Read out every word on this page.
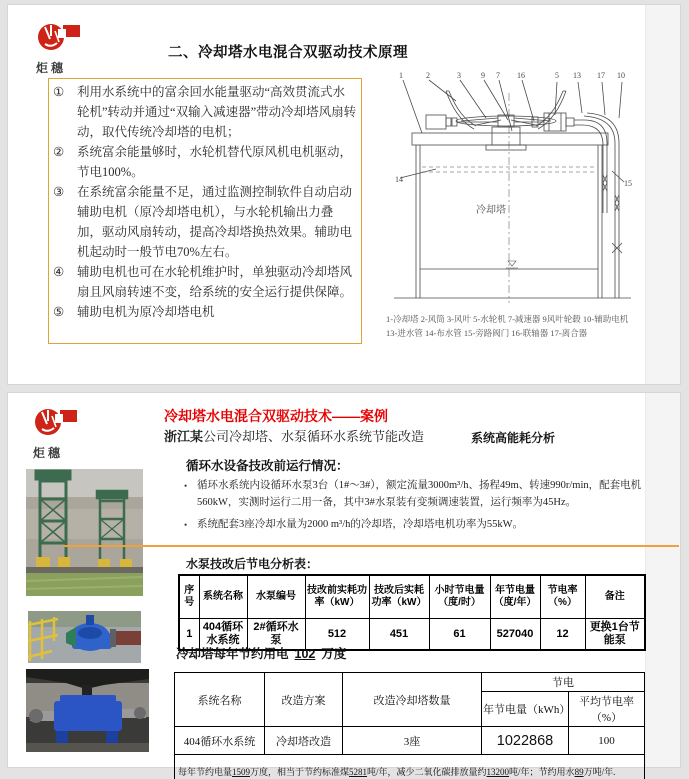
炬穗
二、冷却塔水电混合双驱动技术原理
①	利用水系统中的富余回水能量驱动“高效贯流式水轮机”转动并通过“双输入减速器”带动冷却塔风扇转动，取代传统冷却塔的电机；
②	系统富余能量够时，水轮机替代原风机电机驱动，节电100%。
③	在系统富余能量不足，通过监测控制软件自动启动辅助电机（原冷却塔电机），与水轮机输出力叠加，驱动风扇转动，提高冷却塔换热效果。辅助电机起动时一般节电70%左右。
④	辅助电机也可在水轮机维护时，单独驱动冷却塔风扇且风扇转速不变，给系统的安全运行提供保障。
⑤	辅助电机为原冷却塔电机
1	2	3	9 7 16	5 13 17 10
14	15
冷却塔
1-冷却塔 2-风筒 3-风叶 5-水轮机 7-减速器 9风叶轮毂 10-辅助电机
13-进水管 14-布水管 15-旁路阀门 16-联轴器 17-离合器
炬穗
冷却塔水电混合双驱动技术——案例
浙江某公司冷却塔、水泵循环水系统节能改造	系统高能耗分析
循环水设备技改前运行情况：
• 循环水系统内设循环水泵3台（1#～3#），额定流量3000m³/h、扬程49m、转速990r/min，配套电机560kW，实测时运行二用一备，其中3#水泵装有变频调速装置，运行频率为45Hz。
• 系统配套3座冷却水量为2000 m³/h的冷却塔，冷却塔电机功率为55kW。
水泵技改后节电分析表：
序号	系统名称	水泵编号	技改前实耗功率（kW）	技改后实耗功率（kW）	小时节电量（度/时）	年节电量（度/年）	节电率（%）	备注
1	404循环水系统	2#循环水泵	512	451	61	527040	12	更换1台节能泵
冷却塔每年节约用电 102 万度
系统名称	改造方案	改造冷却塔数量	节电	
			年节电量（kWh）	平均节电率（%）
404循环水系统	冷却塔改造	3座	1022868	100
每年节约电量1509万度，相当于节约标准煤5281吨/年，减少二氧化碳排放量约13200吨/年；节约用水89万吨/年.				
